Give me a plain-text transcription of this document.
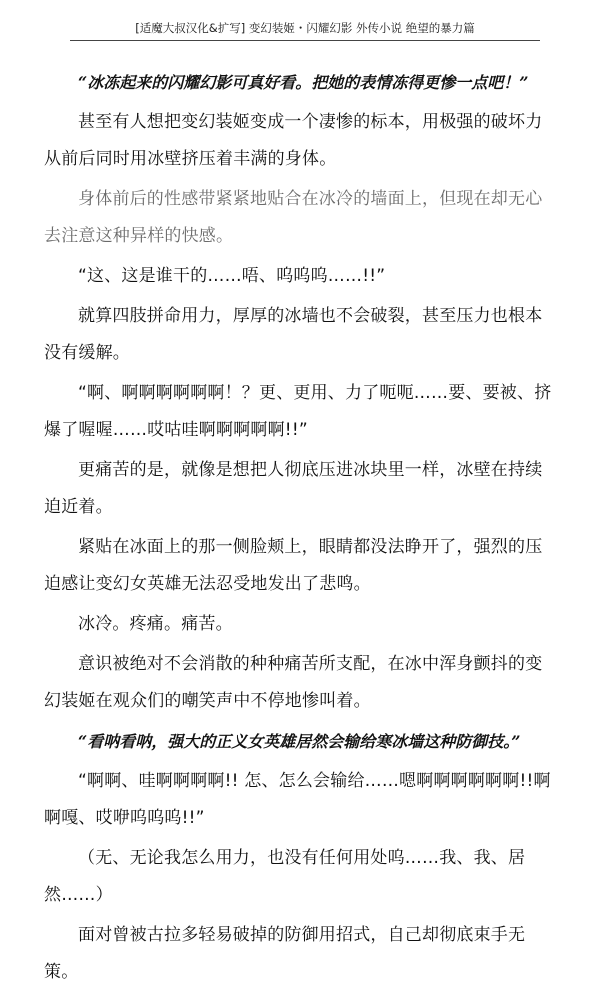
[适魔大叔汉化&扩写] 变幻装姬・闪耀幻影 外传小说 绝望的暴力篇

“冰冻起来的闪耀幻影可真好看。把她的表情冻得更惨一点吧！”

甚至有人想把变幻装姬变成一个凄惨的标本，用极强的破坏力从前后同时用冰壁挤压着丰满的身体。

身体前后的性感带紧紧地贴合在冰冷的墙面上，但现在却无心去注意这种异样的快感。

“这、这是谁干的……唔、呜呜呜……!!”

就算四肢拼命用力，厚厚的冰墙也不会破裂，甚至压力也根本没有缓解。

“啊、啊啊啊啊啊啊！？更、更用、力了呃呃……要、要被、挤爆了喔喔……哎咕哇啊啊啊啊啊!!”

更痛苦的是，就像是想把人彻底压进冰块里一样，冰壁在持续迫近着。

紧贴在冰面上的那一侧脸颊上，眼睛都没法睁开了，强烈的压迫感让变幻女英雄无法忍受地发出了悲鸣。

冰冷。疼痛。痛苦。

意识被绝对不会消散的种种痛苦所支配，在冰中浑身颤抖的变幻装姬在观众们的嘲笑声中不停地惨叫着。

“看呐看呐，强大的正义女英雄居然会输给寒冰墙这种防御技。”

“啊啊、哇啊啊啊啊!! 怎、怎么会输给……嗯啊啊啊啊啊啊!!啊啊嘎、哎咿呜呜呜!!”

（无、无论我怎么用力，也没有任何用处呜……我、我、居然……）

面对曾被古拉多轻易破掉的防御用招式，自己却彻底束手无策。
